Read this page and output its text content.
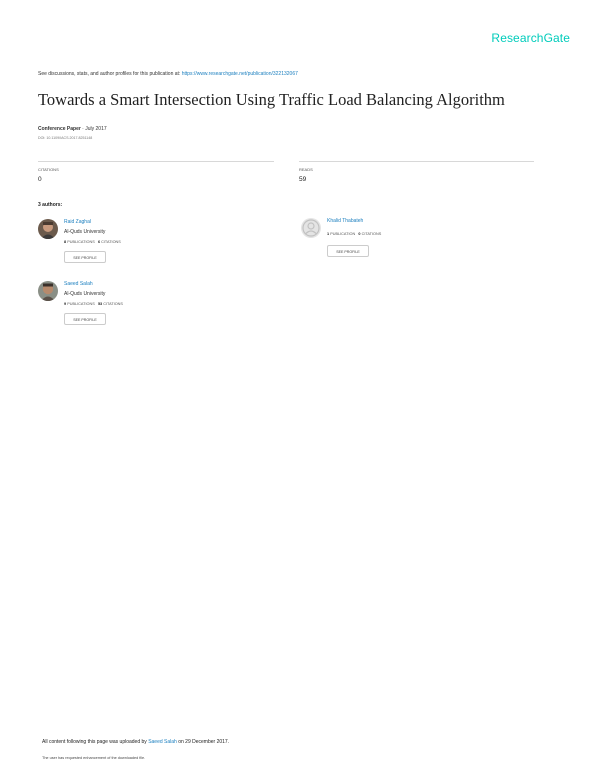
ResearchGate
See discussions, stats, and author profiles for this publication at: https://www.researchgate.net/publication/322132067
Towards a Smart Intersection Using Traffic Load Balancing Algorithm
Conference Paper · July 2017
DOI: 10.1109/IACS.2017.8251148
CITATIONS
0
READS
59
3 authors:
Raid Zaghal
Al-Quds University
8 PUBLICATIONS 6 CITATIONS
SEE PROFILE
Saeed Salah
Al-Quds University
9 PUBLICATIONS 53 CITATIONS
SEE PROFILE
Khalid Thabateh
1 PUBLICATION 0 CITATIONS
SEE PROFILE
All content following this page was uploaded by Saeed Salah on 29 December 2017.
The user has requested enhancement of the downloaded file.
